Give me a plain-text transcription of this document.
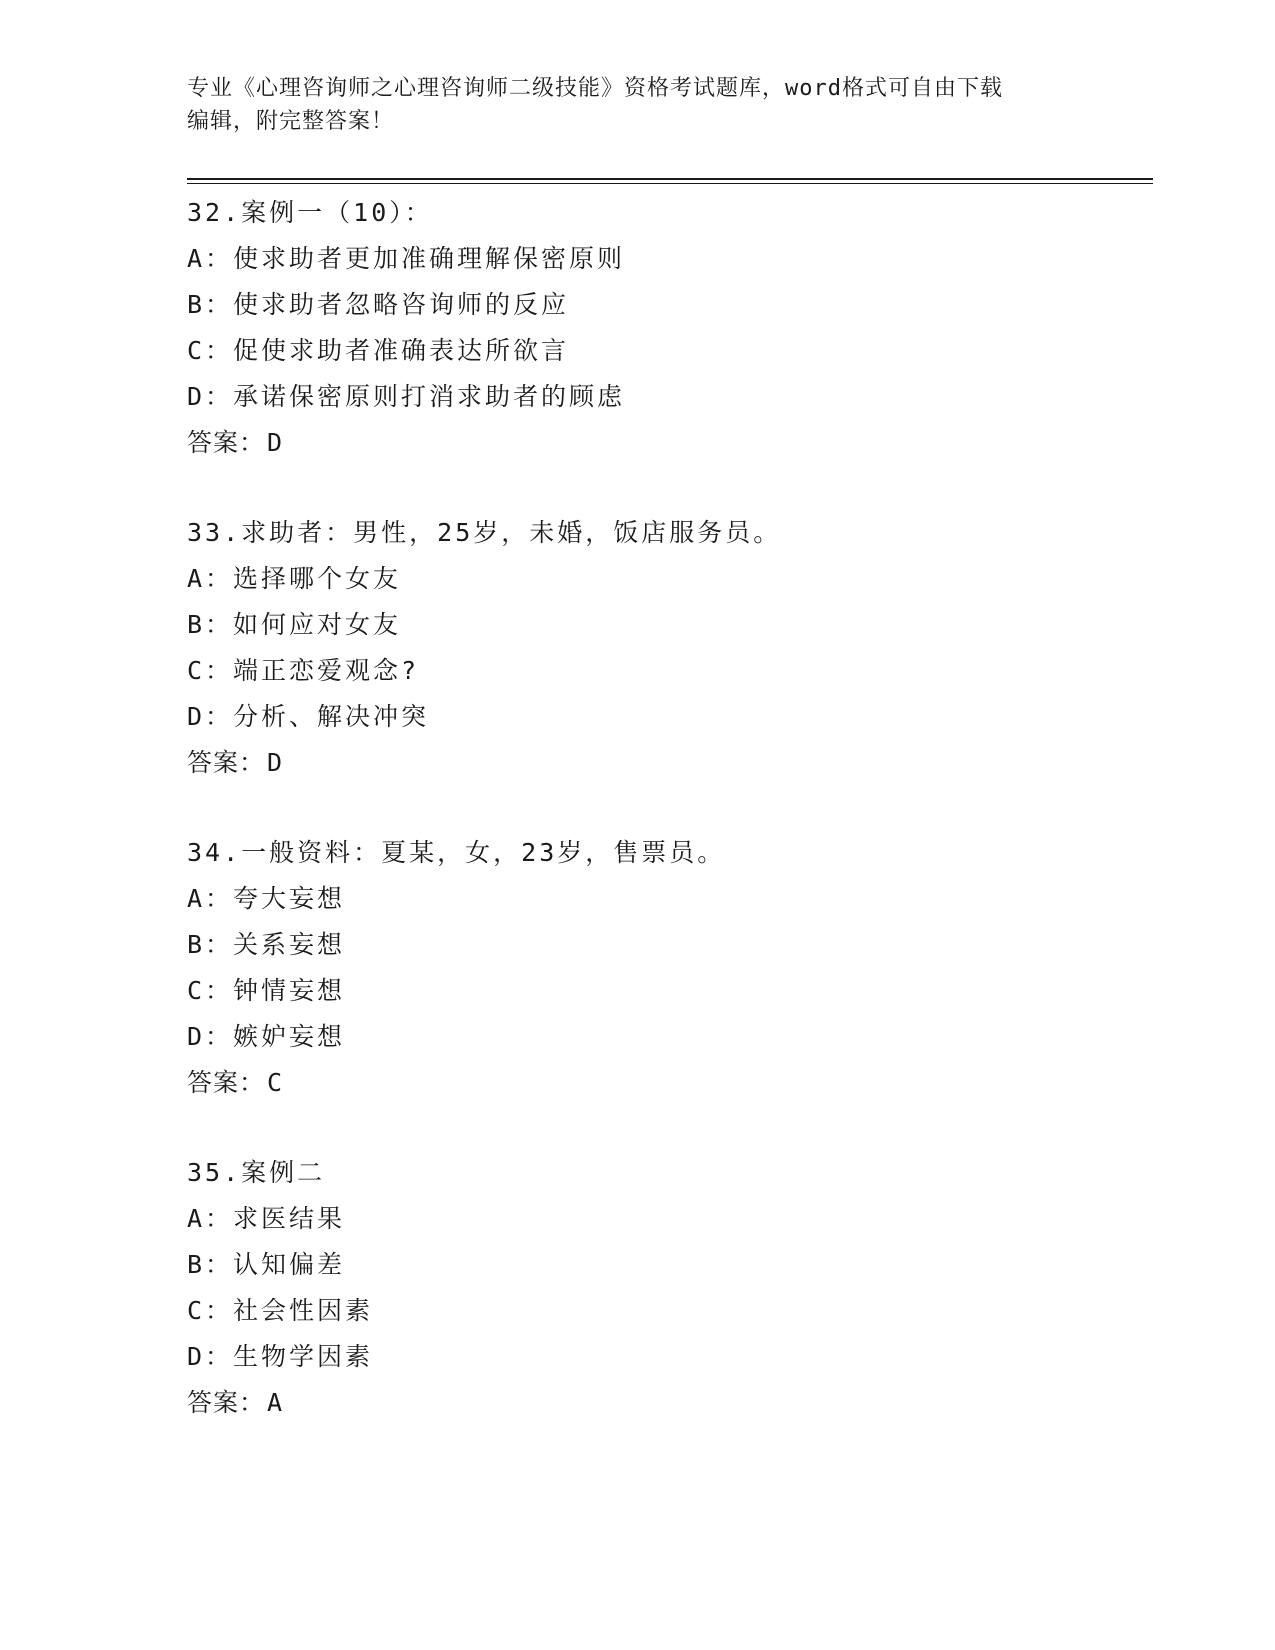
专业《心理咨询师之心理咨询师二级技能》资格考试题库，word格式可自由下载
编辑，附完整答案！
32.案例一（10）：
A：使求助者更加准确理解保密原则
B：使求助者忽略咨询师的反应
C：促使求助者准确表达所欲言
D：承诺保密原则打消求助者的顾虑
答案：D
33.求助者：男性，25岁，未婚，饭店服务员。
A：选择哪个女友
B：如何应对女友
C：端正恋爱观念?
D：分析、解决冲突
答案：D
34.一般资料：夏某，女，23岁，售票员。
A：夸大妄想
B：关系妄想
C：钟情妄想
D：嫉妒妄想
答案：C
35.案例二
A：求医结果
B：认知偏差
C：社会性因素
D：生物学因素
答案：A
